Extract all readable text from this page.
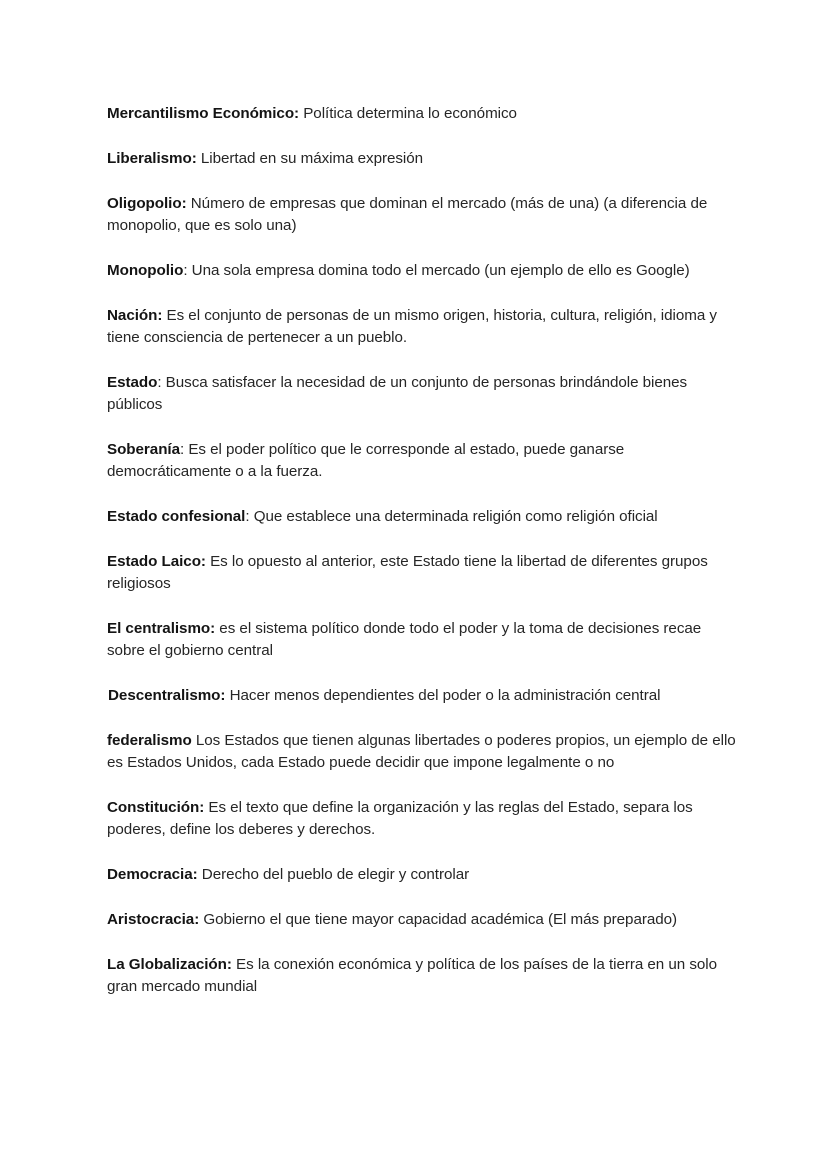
Mercantilismo Económico: Política determina lo económico

Liberalismo: Libertad en su máxima expresión

Oligopolio: Número de empresas que dominan el mercado (más de una) (a diferencia de monopolio, que es solo una)

Monopolio: Una sola empresa domina todo el mercado (un ejemplo de ello es Google)

Nación: Es el conjunto de personas de un mismo origen, historia, cultura, religión, idioma y tiene consciencia de pertenecer a un pueblo.

Estado: Busca satisfacer la necesidad de un conjunto de personas brindándole bienes públicos

Soberanía: Es el poder político que le corresponde al estado, puede ganarse democráticamente o a la fuerza.

Estado confesional: Que establece una determinada religión como religión oficial

Estado Laico: Es lo opuesto al anterior, este Estado tiene la libertad de diferentes grupos religiosos

El centralismo: es el sistema político donde todo el poder y la toma de decisiones recae sobre el gobierno central

Descentralismo: Hacer menos dependientes del poder o la administración central

federalismo Los Estados que tienen algunas libertades o poderes propios, un ejemplo de ello es Estados Unidos, cada Estado puede decidir que impone legalmente o no

Constitución: Es el texto que define la organización y las reglas del Estado, separa los poderes, define los deberes y derechos.

Democracia: Derecho del pueblo de elegir y controlar

Aristocracia: Gobierno el que tiene mayor capacidad académica (El más preparado)

La Globalización: Es la conexión económica y política de los países de la tierra en un solo gran mercado mundial
